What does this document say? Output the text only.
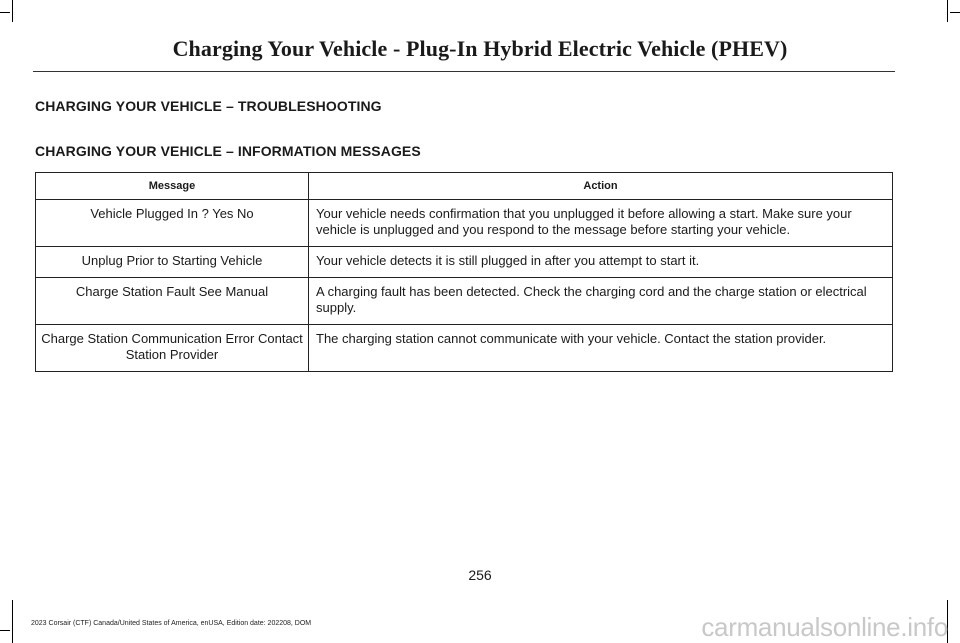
Charging Your Vehicle - Plug-In Hybrid Electric Vehicle (PHEV)
CHARGING YOUR VEHICLE – TROUBLESHOOTING
CHARGING YOUR VEHICLE – INFORMATION MESSAGES
Message	Action
Vehicle Plugged In ? Yes No	Your vehicle needs confirmation that you unplugged it before allowing a start. Make sure your vehicle is unplugged and you respond to the message before starting your vehicle.
Unplug Prior to Starting Vehicle	Your vehicle detects it is still plugged in after you attempt to start it.
Charge Station Fault See Manual	A charging fault has been detected. Check the charging cord and the charge station or electrical supply.
Charge Station Communication Error Contact Station Provider	The charging station cannot communicate with your vehicle. Contact the station provider.
256
2023 Corsair (CTF) Canada/United States of America, enUSA, Edition date: 202208, DOM	carmanualsonline.info
